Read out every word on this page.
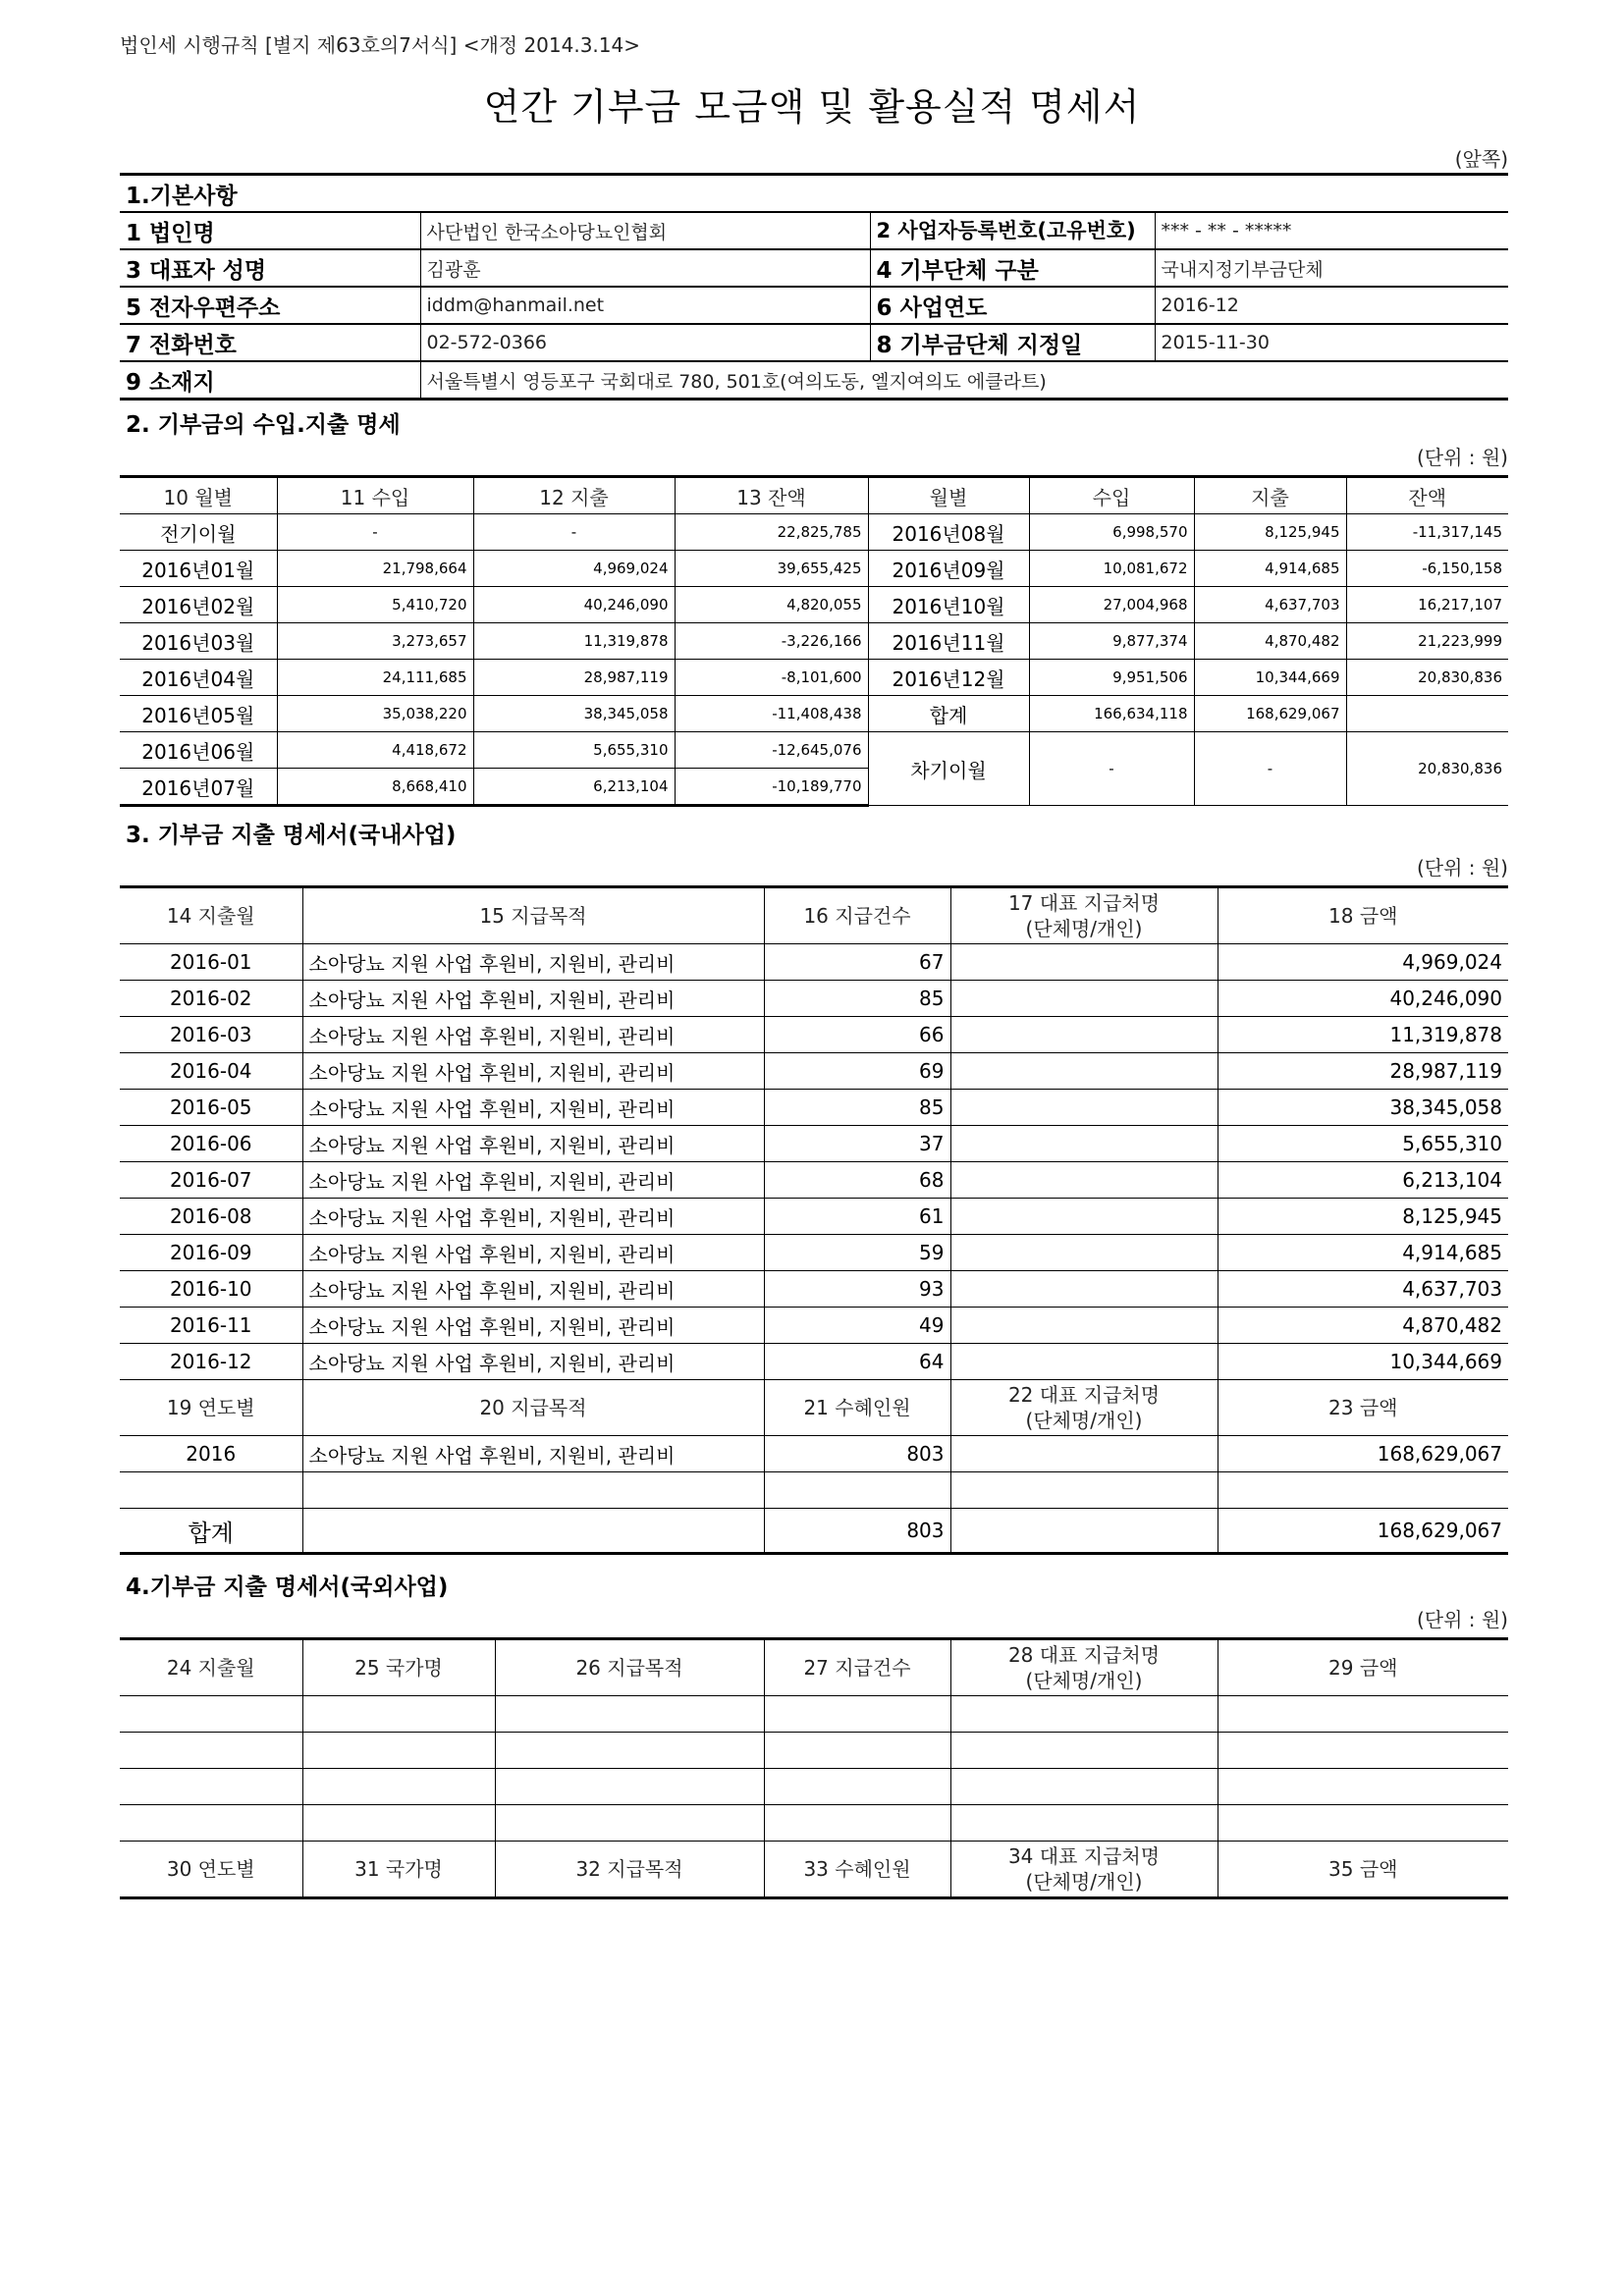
법인세 시행규칙 [별지 제63호의7서식] <개정 2014.3.14>
연간 기부금 모금액 및 활용실적 명세서
(앞쪽)
1.기본사항

1 법인명	사단법인 한국소아당뇨인협회	2 사업자등록번호(고유번호)	*** - ** - *****
3 대표자 성명	김광훈	4 기부단체 구분	국내지정기부금단체
5 전자우편주소	iddm@hanmail.net	6 사업연도	2016-12
7 전화번호	02-572-0366	8 기부금단체 지정일	2015-11-30
9 소재지	서울특별시 영등포구 국회대로 780, 501호(여의도동, 엘지여의도 에클라트)		
2. 기부금의 수입.지출 명세
(단위 : 원)
10 월별	11 수입	12 지출	13 잔액	월별	수입	지출	잔액
전기이월	-	-	22,825,785	2016년08월	6,998,570	8,125,945	-11,317,145
2016년01월	21,798,664	4,969,024	39,655,425	2016년09월	10,081,672	4,914,685	-6,150,158
2016년02월	5,410,720	40,246,090	4,820,055	2016년10월	27,004,968	4,637,703	16,217,107
2016년03월	3,273,657	11,319,878	-3,226,166	2016년11월	9,877,374	4,870,482	21,223,999
2016년04월	24,111,685	28,987,119	-8,101,600	2016년12월	9,951,506	10,344,669	20,830,836
2016년05월	35,038,220	38,345,058	-11,408,438	합계	166,634,118	168,629,067	
2016년06월	4,418,672	5,655,310	-12,645,076	차기이월	-	-	20,830,836
2016년07월	8,668,410	6,213,104	-10,189,770				
3. 기부금 지출 명세서(국내사업)
(단위 : 원)
14 지출월	15 지급목적	16 지급건수	17 대표 지급처명
(단체명/개인)	18 금액
2016-01	소아당뇨 지원 사업 후원비, 지원비, 관리비	67		4,969,024
2016-02	소아당뇨 지원 사업 후원비, 지원비, 관리비	85		40,246,090
2016-03	소아당뇨 지원 사업 후원비, 지원비, 관리비	66		11,319,878
2016-04	소아당뇨 지원 사업 후원비, 지원비, 관리비	69		28,987,119
2016-05	소아당뇨 지원 사업 후원비, 지원비, 관리비	85		38,345,058
2016-06	소아당뇨 지원 사업 후원비, 지원비, 관리비	37		5,655,310
2016-07	소아당뇨 지원 사업 후원비, 지원비, 관리비	68		6,213,104
2016-08	소아당뇨 지원 사업 후원비, 지원비, 관리비	61		8,125,945
2016-09	소아당뇨 지원 사업 후원비, 지원비, 관리비	59		4,914,685
2016-10	소아당뇨 지원 사업 후원비, 지원비, 관리비	93		4,637,703
2016-11	소아당뇨 지원 사업 후원비, 지원비, 관리비	49		4,870,482
2016-12	소아당뇨 지원 사업 후원비, 지원비, 관리비	64		10,344,669
19 연도별	20 지급목적	21 수혜인원	22 대표 지급처명
(단체명/개인)	23 금액
2016	소아당뇨 지원 사업 후원비, 지원비, 관리비	803		168,629,067

합계		803		168,629,067
4.기부금 지출 명세서(국외사업)
(단위 : 원)
24 지출월	25 국가명	26 지급목적	27 지급건수	28 대표 지급처명
(단체명/개인)	29 금액

30 연도별	31 국가명	32 지급목적	33 수혜인원	34 대표 지급처명
(단체명/개인)	35 금액
